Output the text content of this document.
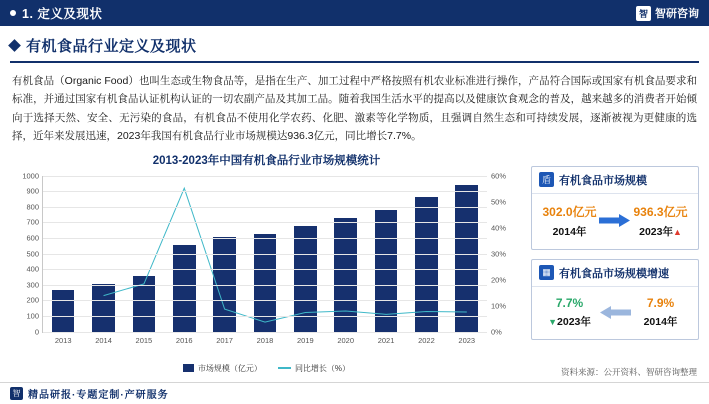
1. 定义及现状	智 智研咨询
有机食品行业定义及现状

有机食品（Organic Food）也叫生态或生物食品等，是指在生产、加工过程中严格按照有机农业标准进行操作，产品符合国际或国家有机食品要求和标准，并通过国家有机食品认证机构认证的一切农副产品及其加工品。随着我国生活水平的提高以及健康饮食观念的普及，越来越多的消费者开始倾向于选择天然、安全、无污染的食品，有机食品不使用化学农药、化肥、激素等化学物质，且强调自然生态和可持续发展，逐渐被视为更健康的选择，近年来发展迅速，2023年我国有机食品行业市场规模达936.3亿元，同比增长7.7%。

2013-2023年中国有机食品行业市场规模统计
2013	2014	2015	2016	2017	2018	2019	2020	2021	2022	2023
0
100
200
300
400
500
600
700
800
900
1000
0%
10%
20%
30%
40%
50%
60%
市场规模（亿元）	同比增长（%）
盾 有机食品市场规模
302.0亿元
2014年
936.3亿元
2023年▲
▦ 有机食品市场规模增速
7.7%
▼2023年
7.9%
2014年
资料来源：公开资料、智研咨询整理
智 精品研报·专题定制·产研服务
